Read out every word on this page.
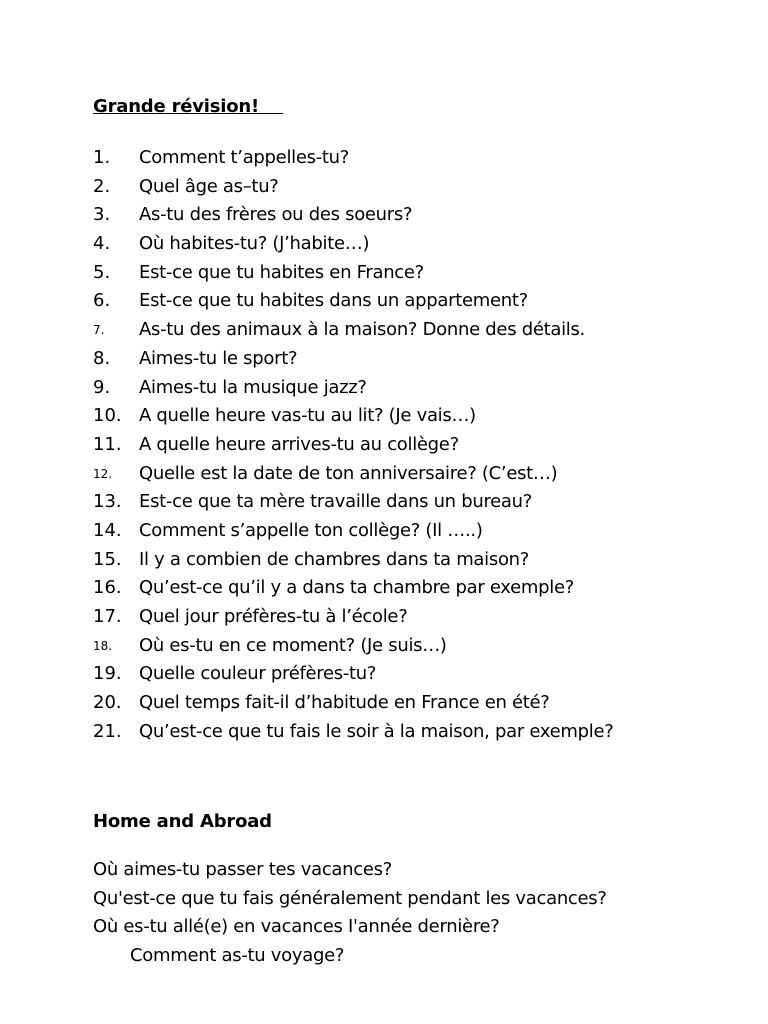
Grande révision!
1.	Comment t’appelles-tu?
2.	Quel âge as–tu?
3.	As-tu des frères ou des soeurs?
4.	Où habites-tu? (J’habite…)
5.	Est-ce que tu habites en France?
6.	Est-ce que tu habites dans un appartement?
7.	As-tu des animaux à la maison? Donne des détails.
8.	Aimes-tu le sport?
9.	Aimes-tu la musique jazz?
10. A quelle heure vas-tu au lit? (Je vais…)
11. A quelle heure arrives-tu au collège?
12.	Quelle est la date de ton anniversaire? (C’est…)
13. Est-ce que ta mère travaille dans un bureau?
14. Comment s’appelle ton collège? (Il …..)
15. Il y a combien de chambres dans ta maison?
16. Qu’est-ce qu’il y a dans ta chambre par exemple?
17. Quel jour préfères-tu à l’école?
18.	Où es-tu en ce moment? (Je suis…)
19. Quelle couleur préfères-tu?
20. Quel temps fait-il d’habitude en France en été?
21. Qu’est-ce que tu fais le soir à la maison, par exemple?
Home and Abroad
Où aimes-tu passer tes vacances?
Qu'est-ce que tu fais généralement pendant les vacances?
Où es-tu allé(e) en vacances I'année dernière?
Comment as-tu voyage?
